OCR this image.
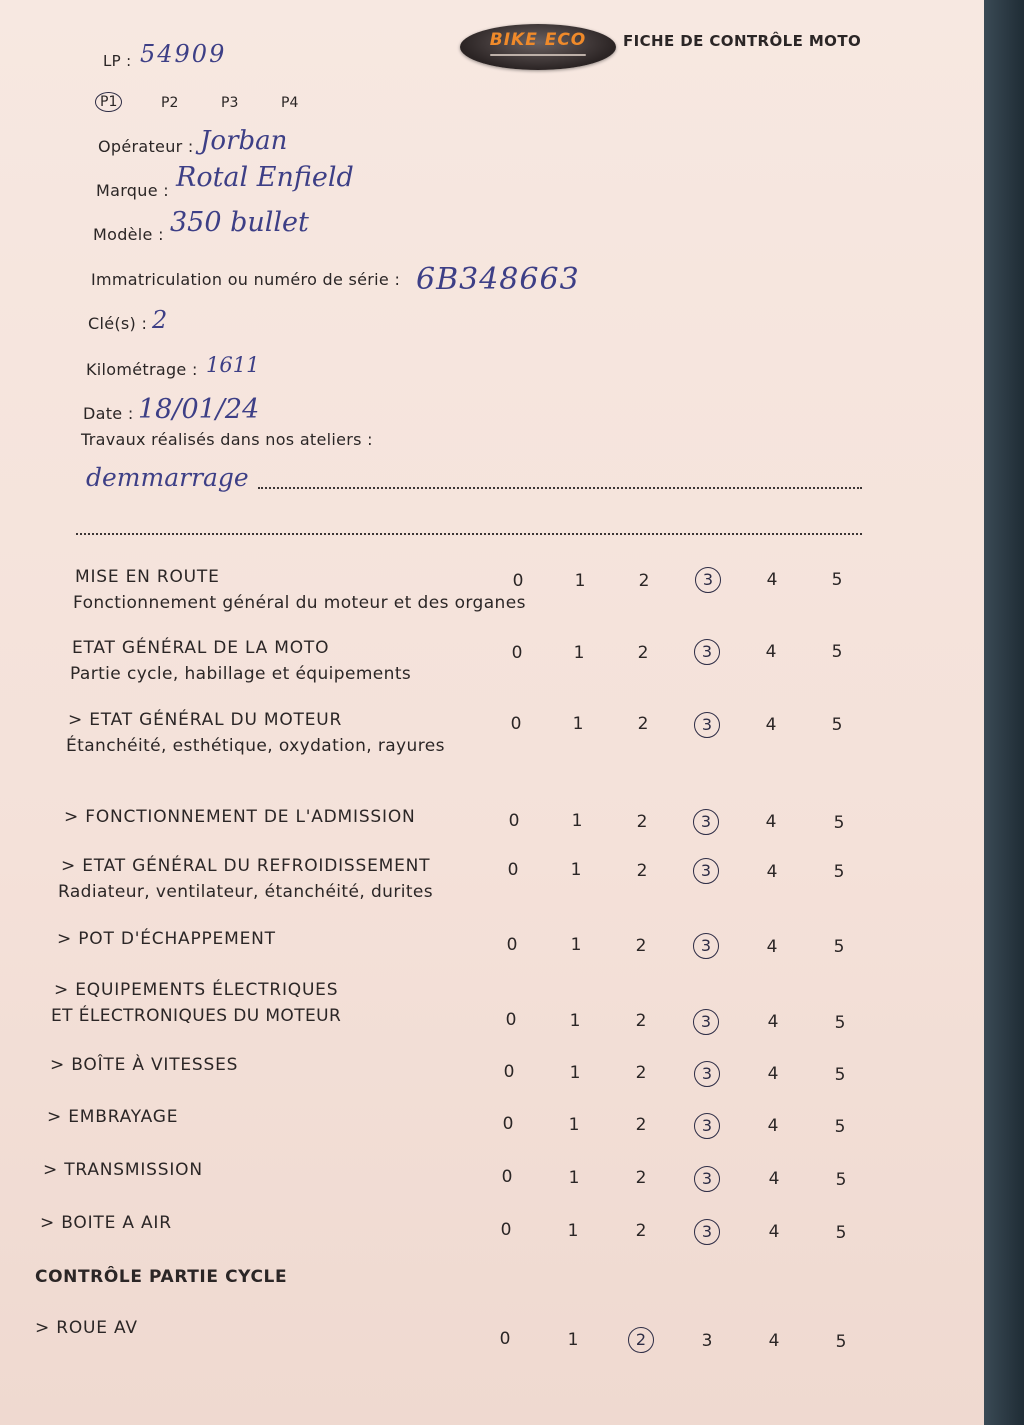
BIKE ECO	FICHE DE CONTRÔLE MOTO
LP : 54909
P1	P2	P3	P4
Opérateur : Jorban
Marque : Rotal Enfield
Modèle : 350 bullet
Immatriculation ou numéro de série : 6B348663
Clé(s) : 2
Kilométrage : 1611
Date : 18/01/24
Travaux réalisés dans nos ateliers :
demmarrage
MISE EN ROUTE
Fonctionnement général du moteur et des organes
0	1	2	3	4	5
ETAT GÉNÉRAL DE LA MOTO
Partie cycle, habillage et équipements
0	1	2	3	4	5
> ETAT GÉNÉRAL DU MOTEUR
Étanchéité, esthétique, oxydation, rayures
0	1	2	3	4	5
> FONCTIONNEMENT DE L'ADMISSION	0	1	2	3	4	5
> ETAT GÉNÉRAL DU REFROIDISSEMENT
Radiateur, ventilateur, étanchéité, durites
0	1	2	3	4	5
> POT D'ÉCHAPPEMENT	0	1	2	3	4	5
> EQUIPEMENTS ÉLECTRIQUES
ET ÉLECTRONIQUES DU MOTEUR	0	1	2	3	4	5
> BOÎTE À VITESSES	0	1	2	3	4	5
> EMBRAYAGE	0	1	2	3	4	5
> TRANSMISSION	0	1	2	3	4	5
> BOITE A AIR	0	1	2	3	4	5
CONTRÔLE PARTIE CYCLE
> ROUE AV
0	1	2	3	4	5
